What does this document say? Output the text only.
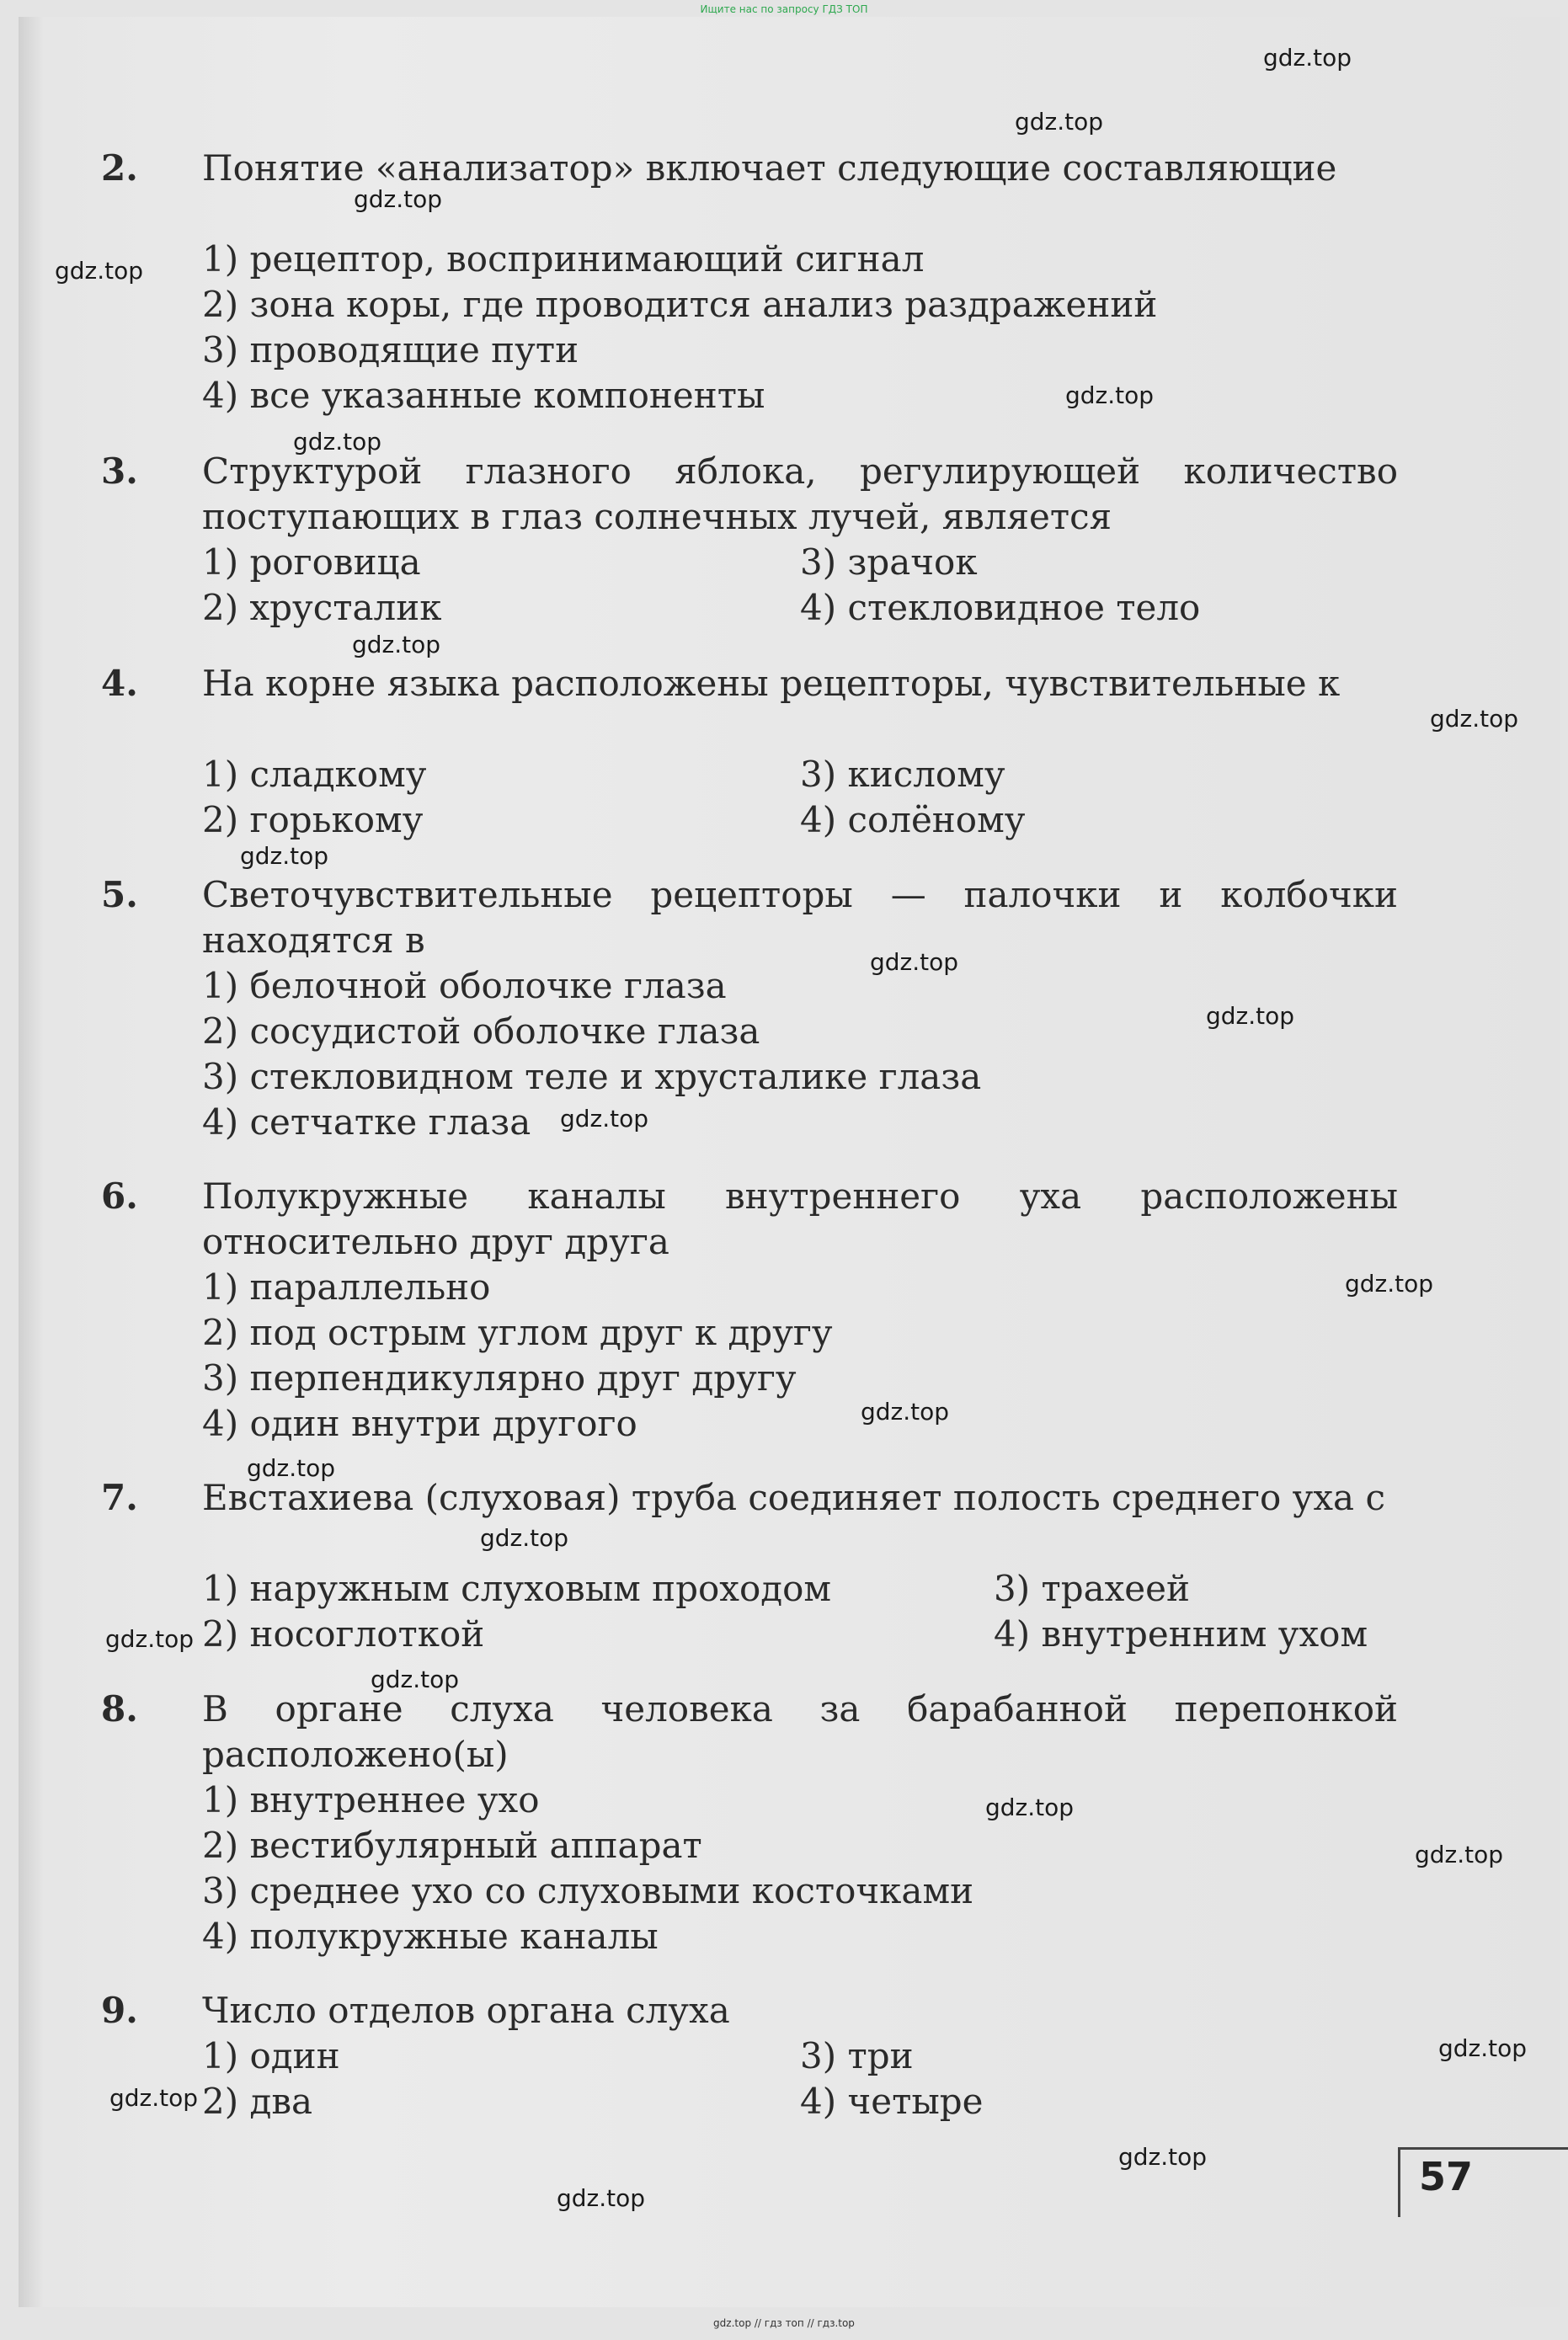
Ищите нас по запросу ГДЗ ТОП
2. Понятие «анализатор» включает следующие составляющие
1) рецептор, воспринимающий сигнал
2) зона коры, где проводится анализ раздражений
3) проводящие пути
4) все указанные компоненты
3. Структурой глазного яблока, регулирующей количество поступающих в глаз солнечных лучей, является
1) роговица	3) зрачок
2) хрусталик	4) стекловидное тело
4. На корне языка расположены рецепторы, чувствительные к
1) сладкому	3) кислому
2) горькому	4) солёному
5. Светочувствительные рецепторы — палочки и колбочки находятся в
1) белочной оболочке глаза
2) сосудистой оболочке глаза
3) стекловидном теле и хрусталике глаза
4) сетчатке глаза
6. Полукружные каналы внутреннего уха расположены относительно друг друга
1) параллельно
2) под острым углом друг к другу
3) перпендикулярно друг другу
4) один внутри другого
7. Евстахиева (слуховая) труба соединяет полость среднего уха с
1) наружным слуховым проходом	3) трахеей
2) носоглоткой	4) внутренним ухом
8. В органе слуха человека за барабанной перепонкой расположено(ы)
1) внутреннее ухо
2) вестибулярный аппарат
3) среднее ухо со слуховыми косточками
4) полукружные каналы
9. Число отделов органа слуха
1) один	3) три
2) два	4) четыре
57
gdz.top
gdz.top
gdz.top
gdz.top
gdz.top
gdz.top
gdz.top
gdz.top
gdz.top
gdz.top
gdz.top
gdz.top
gdz.top
gdz.top
gdz.top
gdz.top
gdz.top
gdz.top
gdz.top
gdz.top
gdz.top
gdz.top
gdz.top
gdz.top
gdz.top // гдз топ // гдз.top
